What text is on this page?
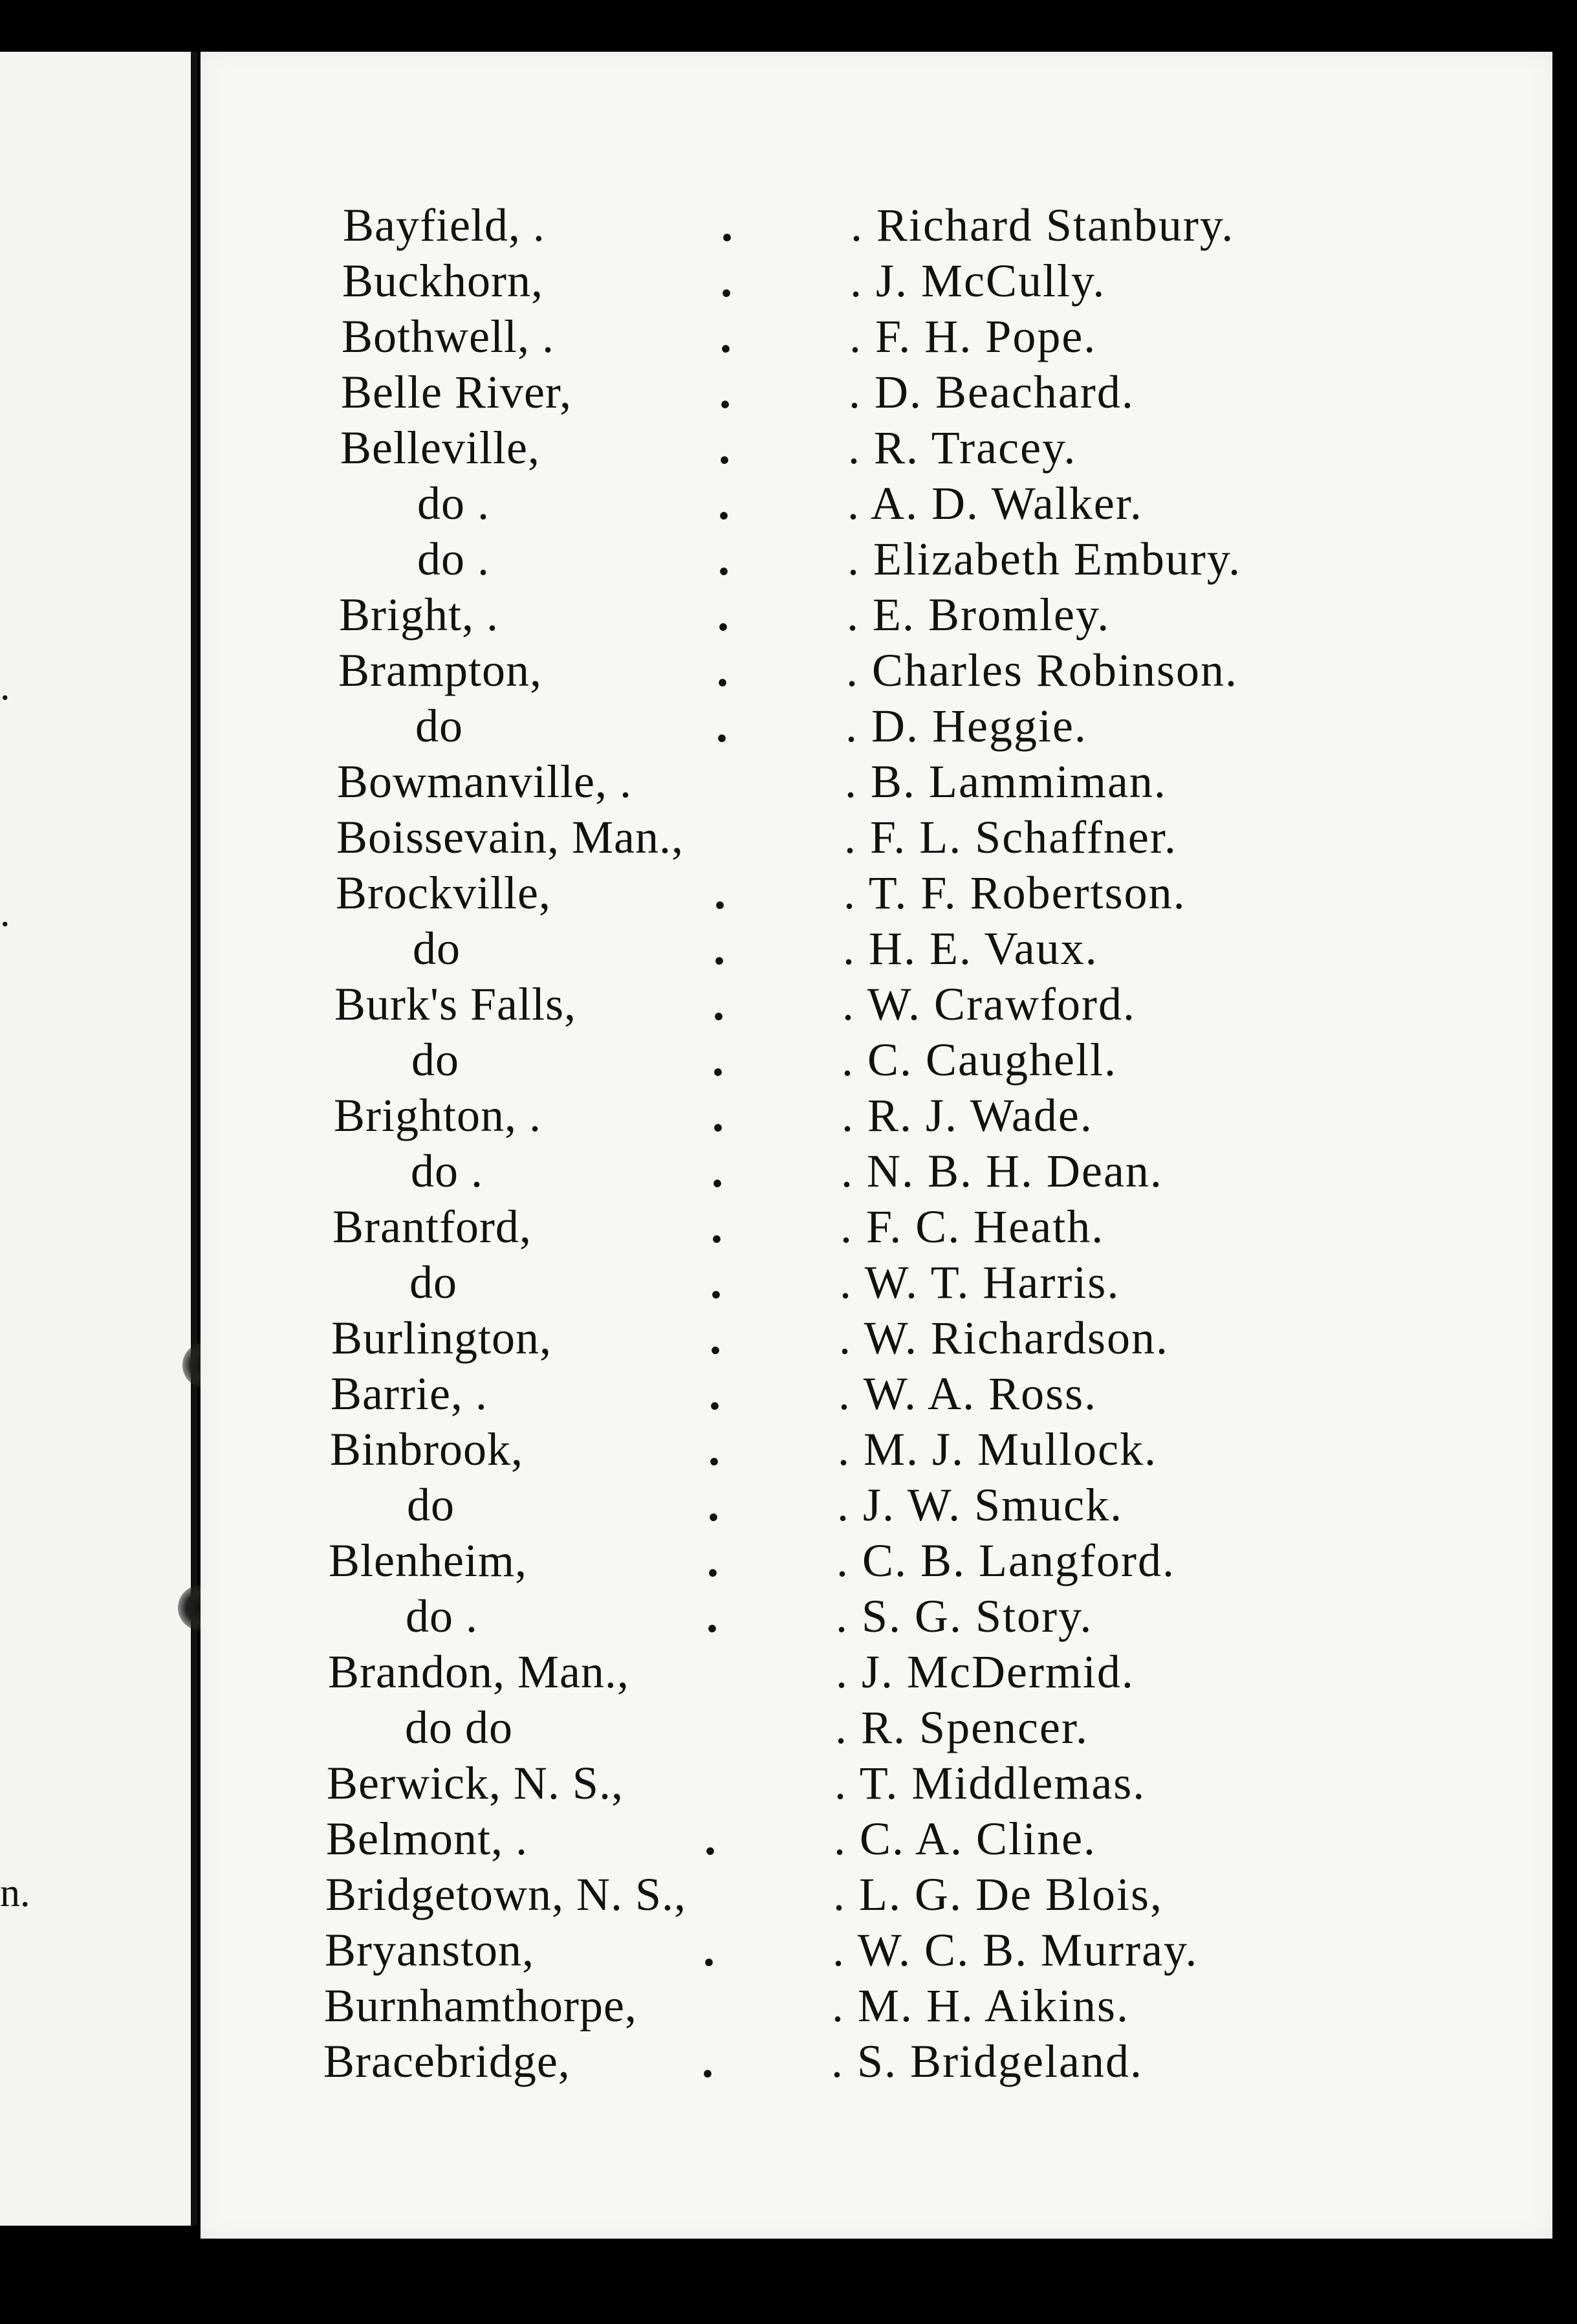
.
.
n.
Bayfield, .	.	. Richard Stanbury.
Buckhorn,	.	. J. McCully.
Bothwell, .	.	. F. H. Pope.
Belle River,	.	. D. Beachard.
Belleville,	.	. R. Tracey.
do .	.	. A. D. Walker.
do .	.	. Elizabeth Embury.
Bright, .	.	. E. Bromley.
Brampton,	.	. Charles Robinson.
do	.	. D. Heggie.
Bowmanville, .	. B. Lammiman.
Boissevain, Man.,	. F. L. Schaffner.
Brockville,	.	. T. F. Robertson.
do	.	. H. E. Vaux.
Burk's Falls,	.	. W. Crawford.
do	.	. C. Caughell.
Brighton, .	.	. R. J. Wade.
do .	.	. N. B. H. Dean.
Brantford,	.	. F. C. Heath.
do	.	. W. T. Harris.
Burlington,	.	. W. Richardson.
Barrie, .	.	. W. A. Ross.
Binbrook,	.	. M. J. Mullock.
do	.	. J. W. Smuck.
Blenheim,	.	. C. B. Langford.
do .	.	. S. G. Story.
Brandon, Man.,	. J. McDermid.
do do	. R. Spencer.
Berwick, N. S.,	. T. Middlemas.
Belmont, .	.	. C. A. Cline.
Bridgetown, N. S.,	. L. G. De Blois,
Bryanston,	.	. W. C. B. Murray.
Burnhamthorpe,	. M. H. Aikins.
Bracebridge,	.	. S. Bridgeland.
